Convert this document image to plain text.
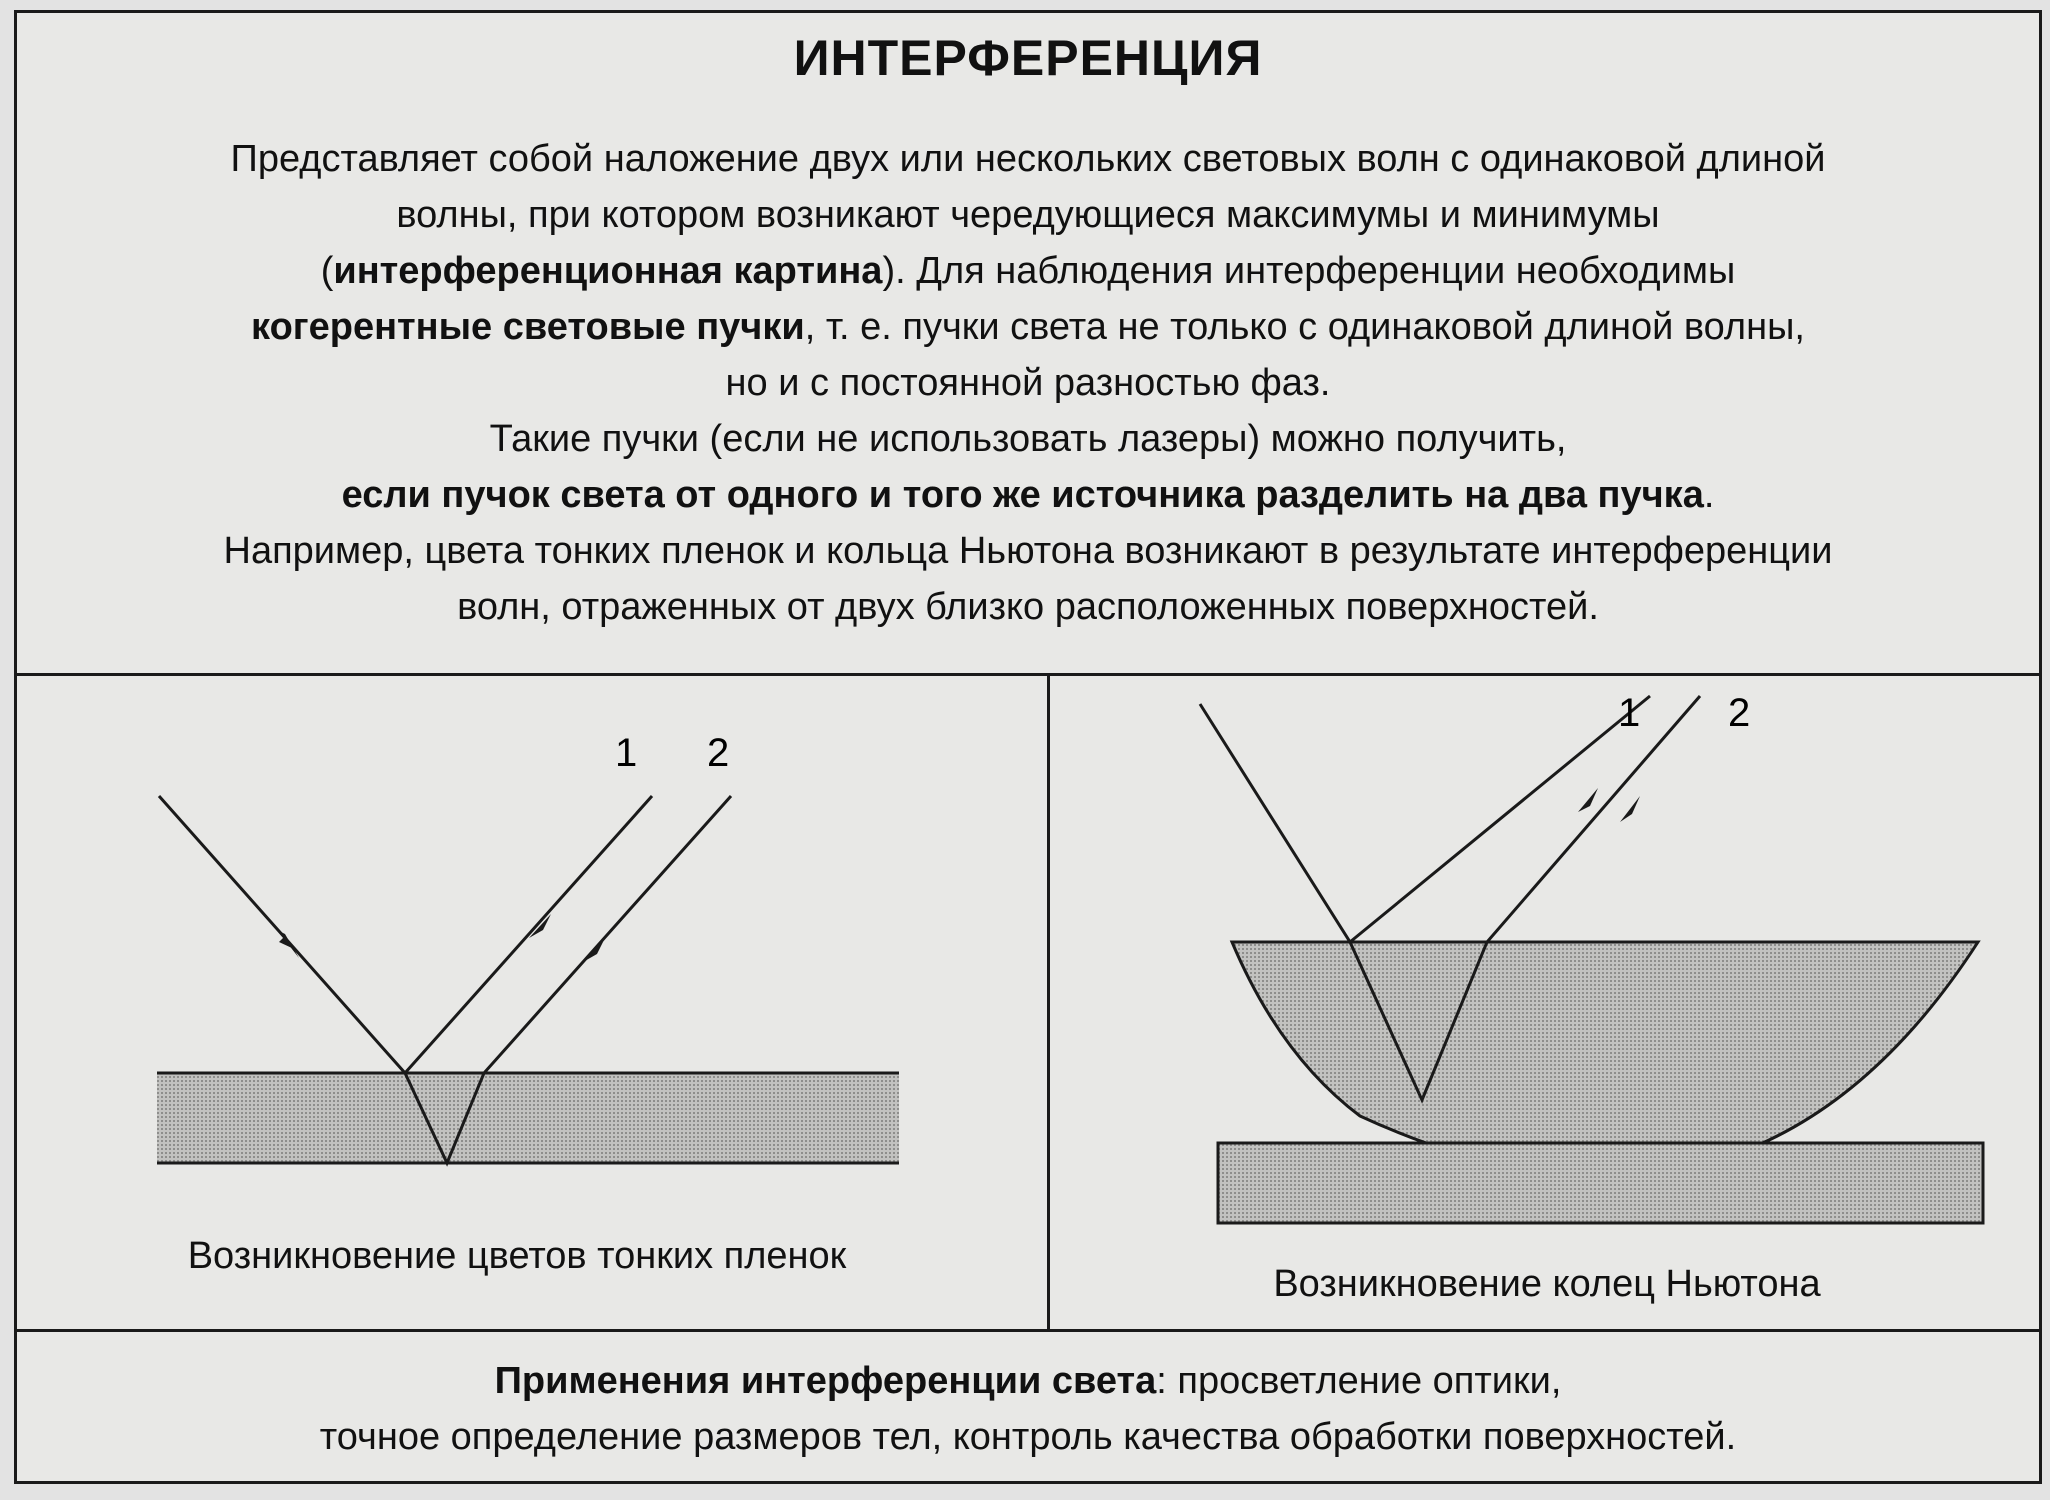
ИНТЕРФЕРЕНЦИЯ

Представляет собой наложение двух или нескольких световых волн с одинаковой длиной

волны, при котором возникают чередующиеся максимумы и минимумы

(интерференционная картина). Для наблюдения интерференции необходимы

когерентные световые пучки, т. е. пучки света не только с одинаковой длиной волны,

но и с постоянной разностью фаз.

Такие пучки (если не использовать лазеры) можно получить,

если пучок света от одного и того же источника разделить на два пучка.

Например, цвета тонких пленок и кольца Ньютона возникают в результате интерференции

волн, отраженных от двух близко расположенных поверхностей.

1 2
Возникновение цветов тонких пленок
1 2
Возникновение колец Ньютона

Применения интерференции света: просветление оптики,

точное определение размеров тел, контроль качества обработки поверхностей.
